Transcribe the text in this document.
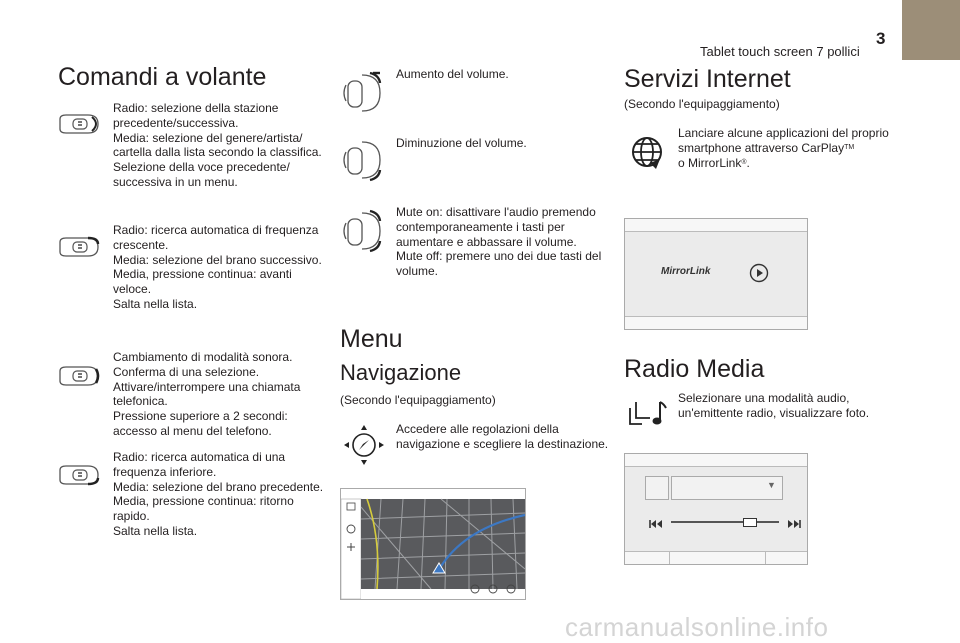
3
Tablet touch screen 7 pollici
Comandi a volante
Radio: selezione della stazione
precedente/successiva.
Media: selezione del genere/artista/
cartella dalla lista secondo la classifica.
Selezione della voce precedente/
successiva in un menu.
Radio: ricerca automatica di frequenza
crescente.
Media: selezione del brano successivo.
Media, pressione continua: avanti
veloce.
Salta nella lista.
Cambiamento di modalità sonora.
Conferma di una selezione.
Attivare/interrompere una chiamata
telefonica.
Pressione superiore a 2 secondi:
accesso al menu del telefono.
Radio: ricerca automatica di una
frequenza inferiore.
Media: selezione del brano precedente.
Media, pressione continua: ritorno
rapido.
Salta nella lista.
Aumento del volume.
Diminuzione del volume.
Mute on: disattivare l'audio premendo
contemporaneamente i tasti per
aumentare e abbassare il volume.
Mute off: premere uno dei due tasti del
volume.
Menu
Navigazione
(Secondo l'equipaggiamento)
Accedere alle regolazioni della
navigazione e scegliere la destinazione.
Servizi Internet
(Secondo l'equipaggiamento)
Lanciare alcune applicazioni del proprio
smartphone attraverso CarPlay™
o MirrorLink®.
MirrorLink
Radio Media
Selezionare una modalità audio,
un'emittente radio, visualizzare foto.
▼
carmanualsonline.info
